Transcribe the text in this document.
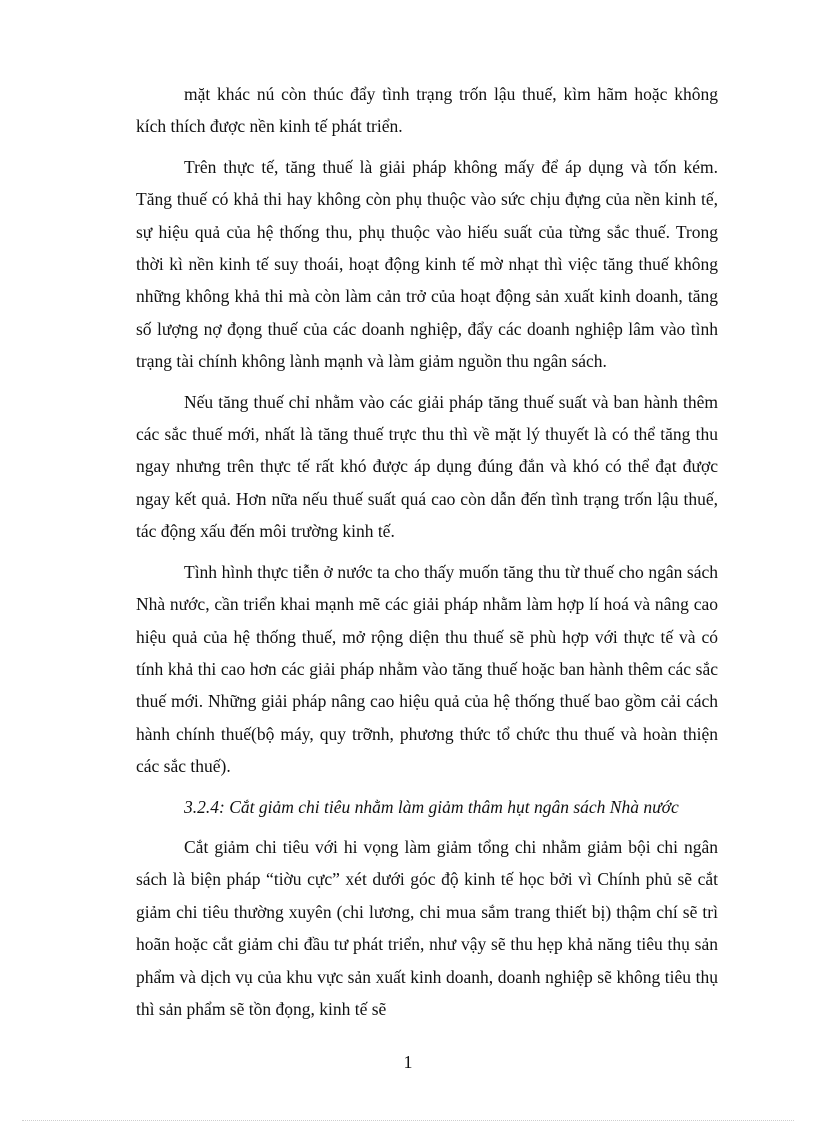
mặt khác nú còn thúc đẩy tình trạng trốn lậu thuế, kìm hãm hoặc không kích thích được nền kinh tế phát triển.

Trên thực tế, tăng thuế là giải pháp không mấy để áp dụng và tốn kém. Tăng thuế có khả thi hay không còn phụ thuộc vào sức chịu đựng của nền kinh tế, sự hiệu quả của hệ thống thu, phụ thuộc vào hiếu suất của từng sắc thuế. Trong thời kì nền kinh tế suy thoái, hoạt động kinh tế mờ nhạt thì việc tăng thuế không những không khả thi mà còn làm cản trở của hoạt động sản xuất kinh doanh, tăng số lượng nợ đọng thuế của các doanh nghiệp, đẩy các doanh nghiệp lâm vào tình trạng tài chính không lành mạnh và làm giảm nguồn thu ngân sách.

Nếu tăng thuế chỉ nhằm vào các giải pháp tăng thuế suất và ban hành thêm các sắc thuế mới, nhất là tăng thuế trực thu thì về mặt lý thuyết là có thể tăng thu ngay nhưng trên thực tế rất khó được áp dụng đúng đắn và khó có thể đạt được ngay kết quả. Hơn nữa nếu thuế suất quá cao còn dẫn đến tình trạng trốn lậu thuế, tác động xấu đến môi trường kinh tế.

Tình hình thực tiễn ở nước ta cho thấy muốn tăng thu từ thuế cho ngân sách Nhà nước, cần triển khai mạnh mẽ các giải pháp nhằm làm hợp lí hoá và nâng cao hiệu quả của hệ thống thuế, mở rộng diện thu thuế sẽ phù hợp với thực tế và có tính khả thi cao hơn các giải pháp nhằm vào tăng thuế hoặc ban hành thêm các sắc thuế mới. Những giải pháp nâng cao hiệu quả của hệ thống thuế bao gồm cải cách hành chính thuế(bộ máy, quy trỡnh, phương thức tổ chức thu thuế và hoàn thiện các sắc thuế).

3.2.4: Cắt giảm chi tiêu nhằm làm giảm thâm hụt ngân sách Nhà nước

Cắt giảm chi tiêu với hi vọng làm giảm tổng chi nhằm giảm bội chi ngân sách là biện pháp “tiờu cực” xét dưới góc độ kinh tế học bởi vì Chính phủ sẽ cắt giảm chi tiêu thường xuyên (chi lương, chi mua sắm trang thiết bị) thậm chí sẽ trì hoãn hoặc cắt giảm chi đầu tư phát triển, như vậy sẽ thu hẹp khả năng tiêu thụ sản phẩm và dịch vụ của khu vực sản xuất kinh doanh, doanh nghiệp sẽ không tiêu thụ thì sản phẩm sẽ tồn đọng, kinh tế sẽ

1
